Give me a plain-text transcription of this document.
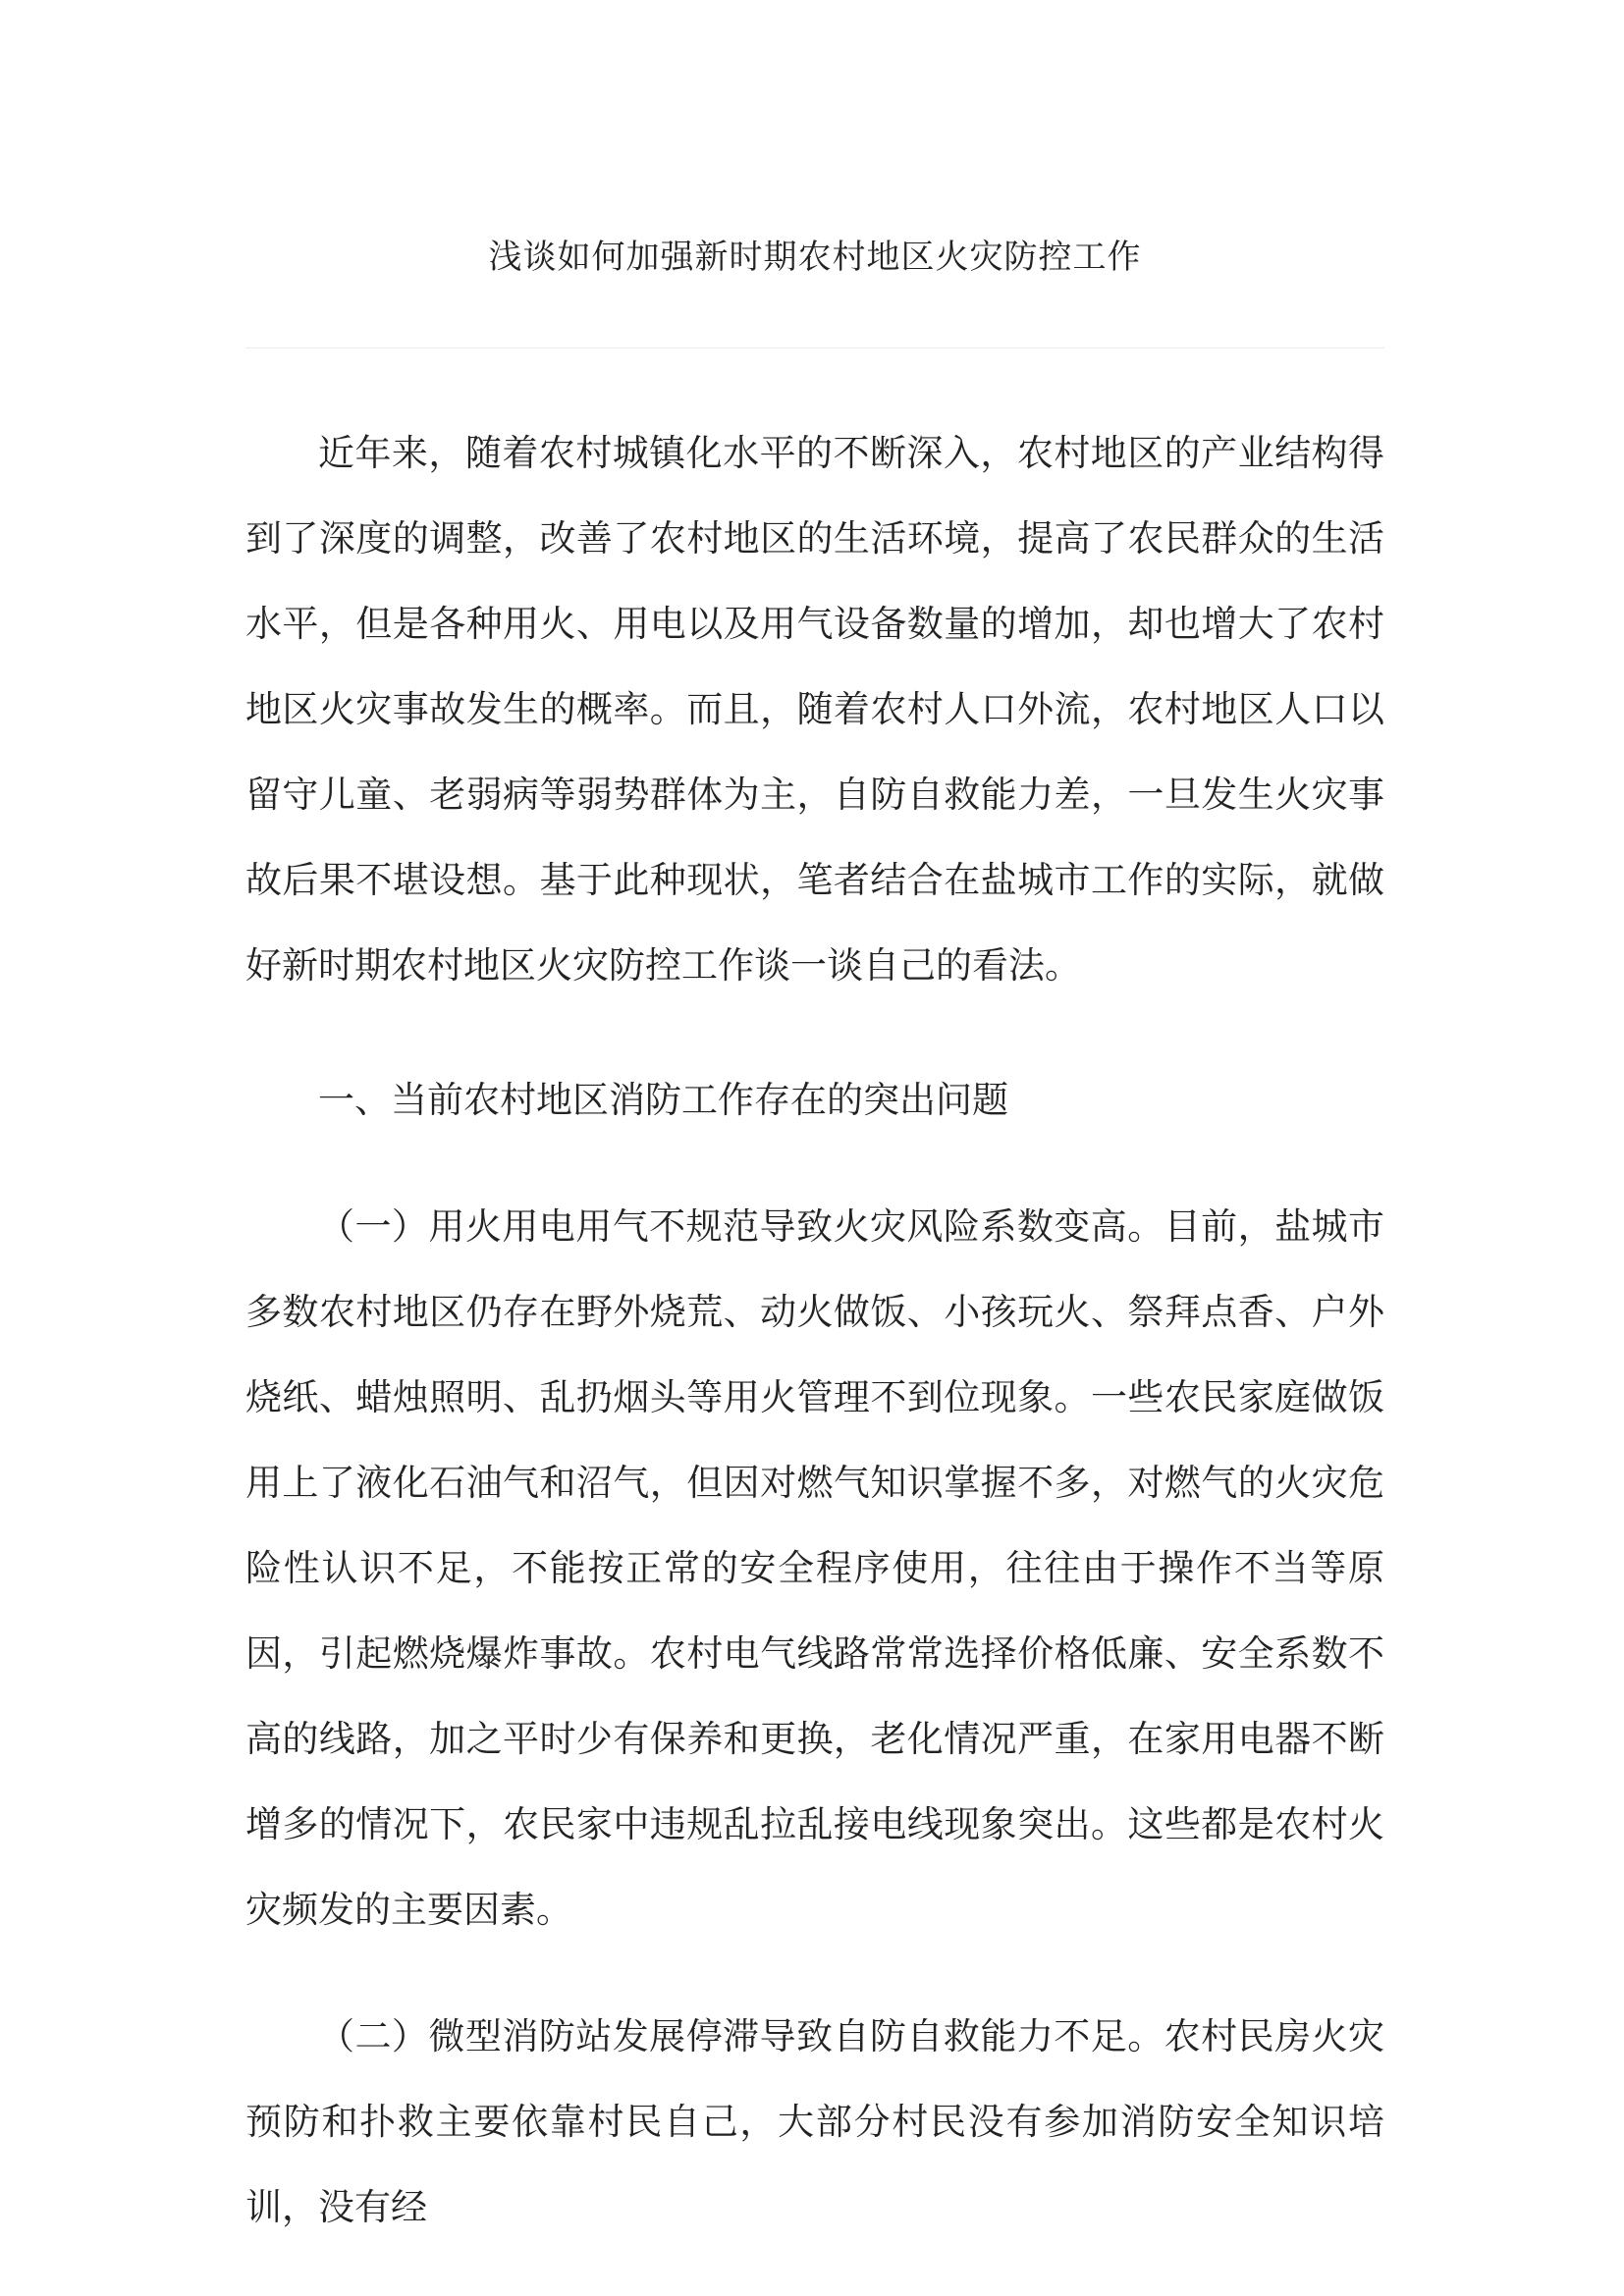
浅谈如何加强新时期农村地区火灾防控工作

近年来，随着农村城镇化水平的不断深入，农村地区的产业结构得到了深度的调整，改善了农村地区的生活环境，提高了农民群众的生活水平，但是各种用火、用电以及用气设备数量的增加，却也增大了农村地区火灾事故发生的概率。而且，随着农村人口外流，农村地区人口以留守儿童、老弱病等弱势群体为主，自防自救能力差，一旦发生火灾事故后果不堪设想。基于此种现状，笔者结合在盐城市工作的实际，就做好新时期农村地区火灾防控工作谈一谈自己的看法。

一、当前农村地区消防工作存在的突出问题

（一）用火用电用气不规范导致火灾风险系数变高。目前，盐城市多数农村地区仍存在野外烧荒、动火做饭、小孩玩火、祭拜点香、户外烧纸、蜡烛照明、乱扔烟头等用火管理不到位现象。一些农民家庭做饭用上了液化石油气和沼气，但因对燃气知识掌握不多，对燃气的火灾危险性认识不足，不能按正常的安全程序使用，往往由于操作不当等原因，引起燃烧爆炸事故。农村电气线路常常选择价格低廉、安全系数不高的线路，加之平时少有保养和更换，老化情况严重，在家用电器不断增多的情况下，农民家中违规乱拉乱接电线现象突出。这些都是农村火灾频发的主要因素。

（二）微型消防站发展停滞导致自防自救能力不足。农村民房火灾预防和扑救主要依靠村民自己，大部分村民没有参加消防安全知识培训，没有经
